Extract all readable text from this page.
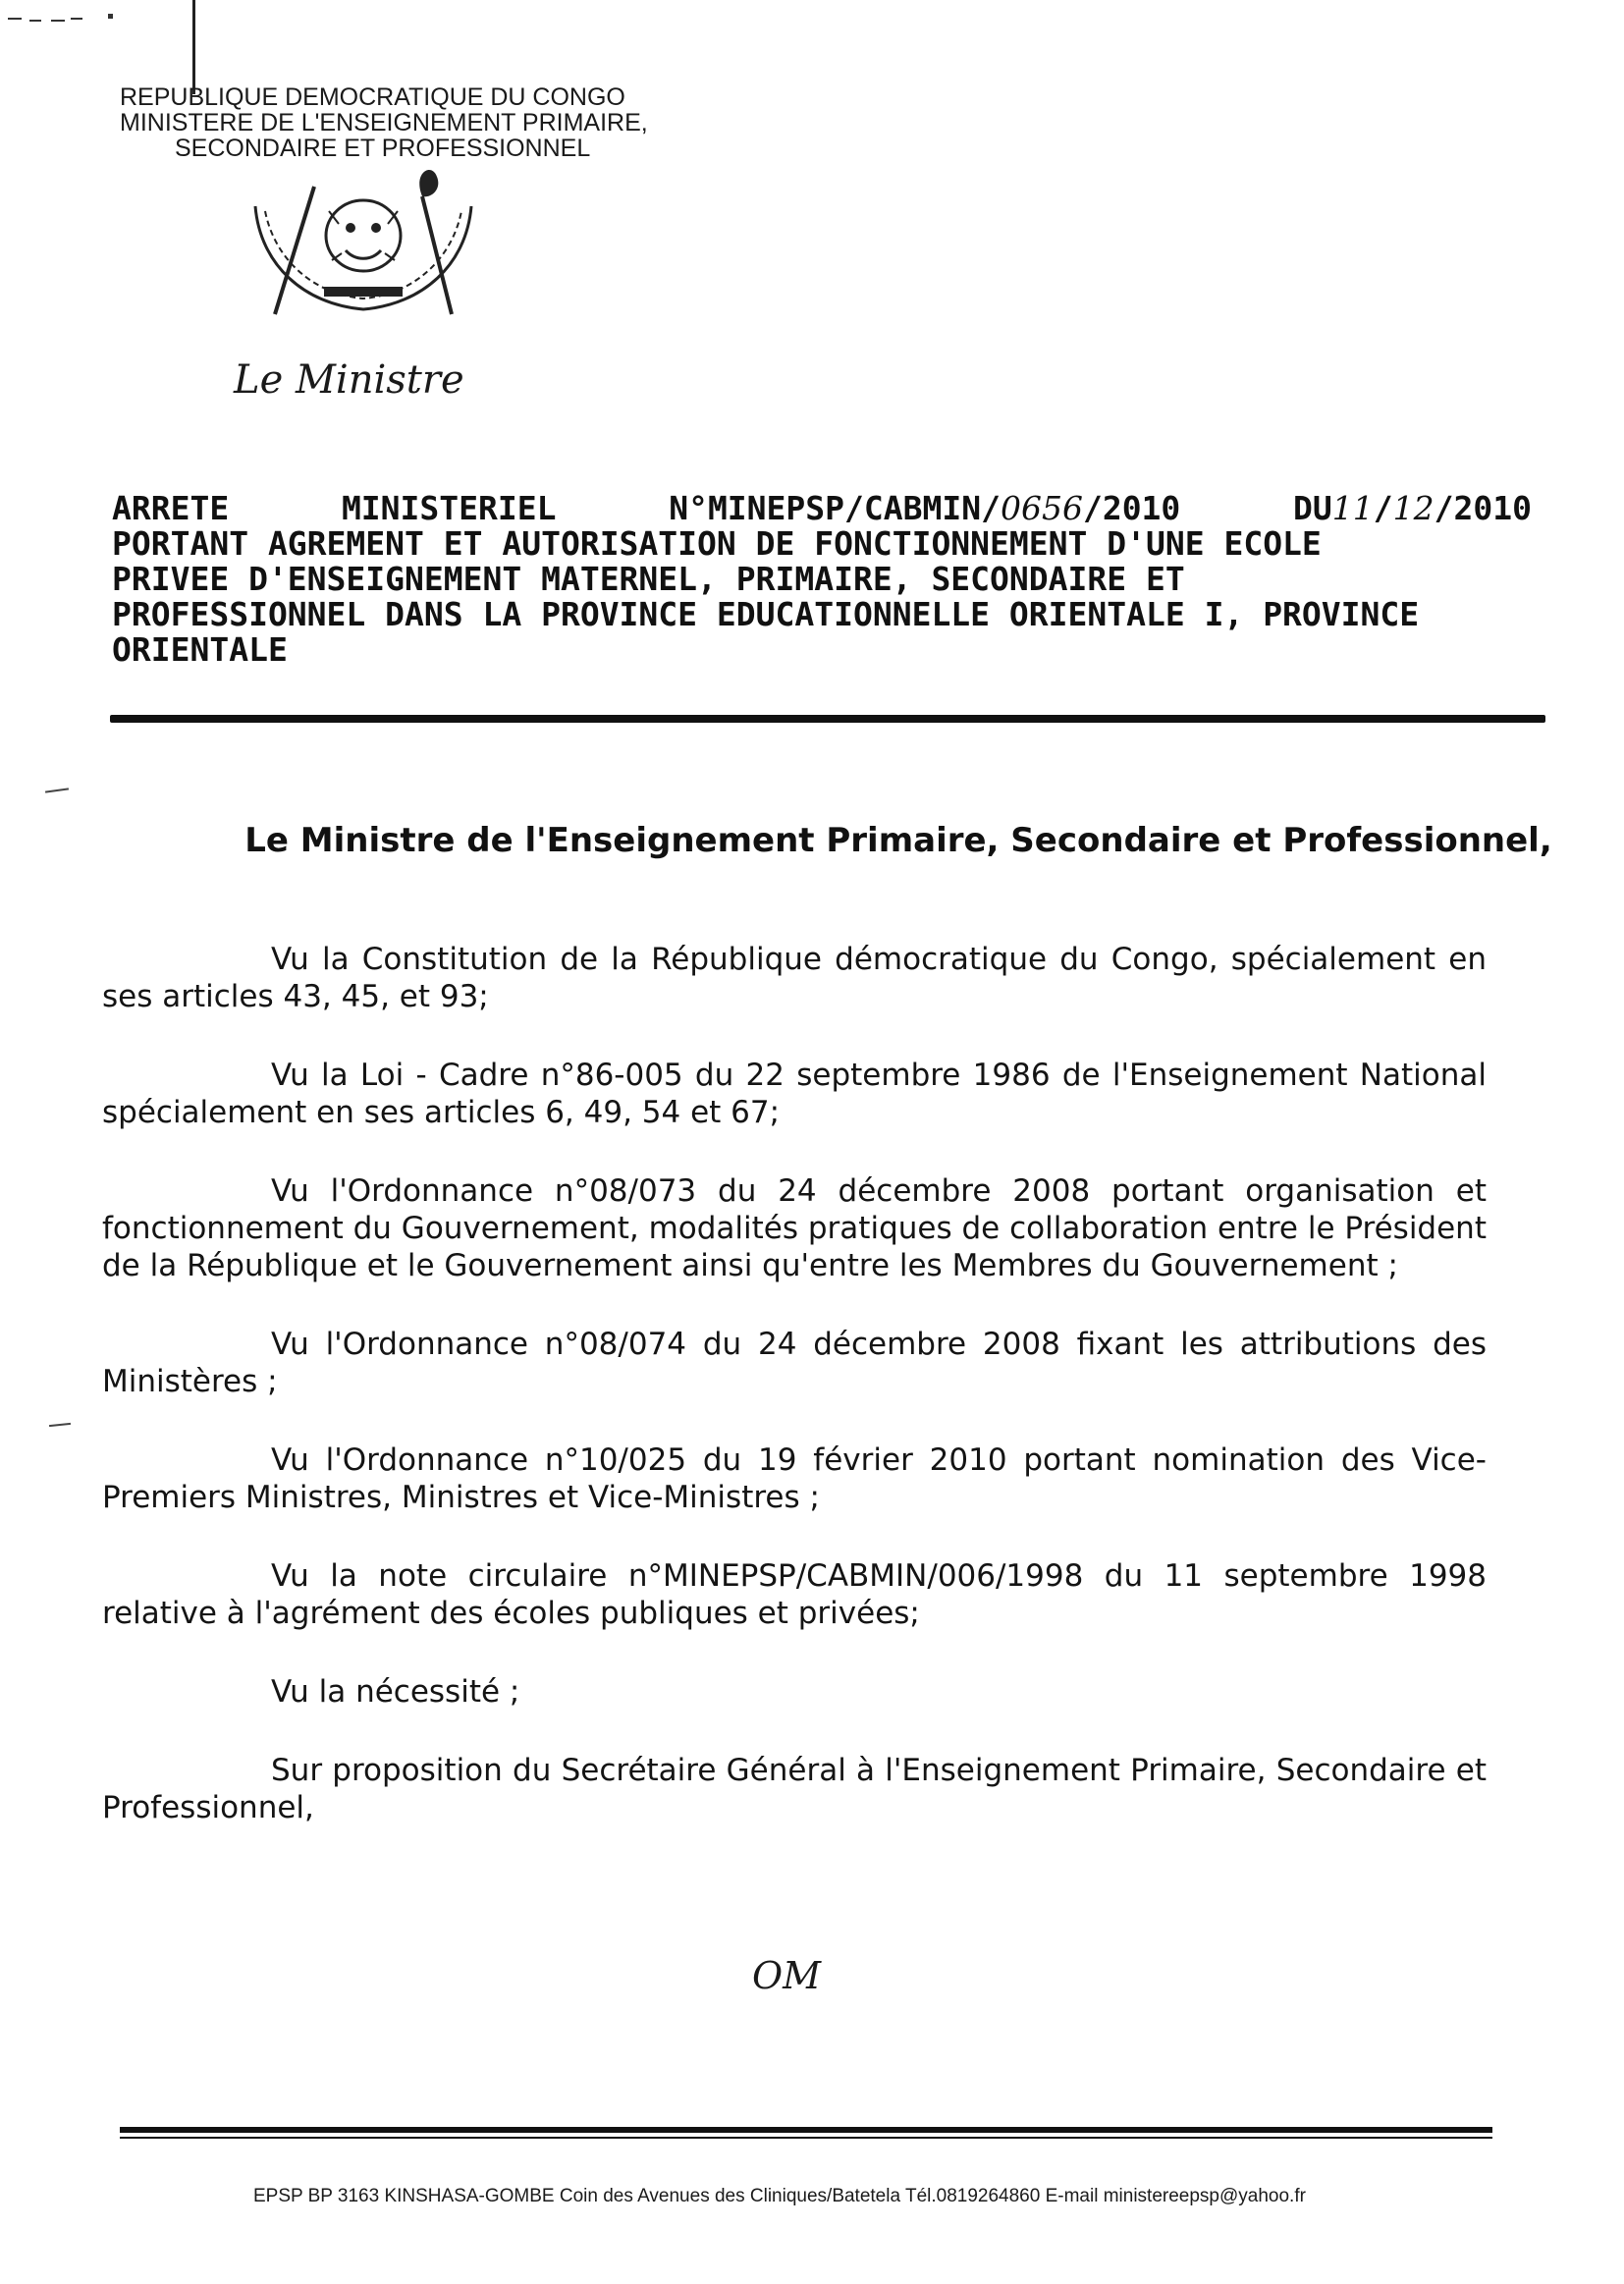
REPUBLIQUE DEMOCRATIQUE DU CONGO
MINISTERE DE L'ENSEIGNEMENT PRIMAIRE,
SECONDAIRE ET PROFESSIONNEL
Le Ministre
ARRETE	MINISTERIEL	N°MINEPSP/CABMIN/0656/2010	DU11/12/2010
PORTANT AGREMENT ET AUTORISATION DE FONCTIONNEMENT D'UNE ECOLE
PRIVEE D'ENSEIGNEMENT MATERNEL, PRIMAIRE, SECONDAIRE ET
PROFESSIONNEL DANS LA PROVINCE EDUCATIONNELLE ORIENTALE I, PROVINCE
ORIENTALE
Le Ministre de l'Enseignement Primaire, Secondaire et Professionnel,

Vu la Constitution de la République démocratique du Congo, spécialement en ses articles 43, 45, et 93;

Vu la Loi - Cadre n°86-005 du 22 septembre 1986 de l'Enseignement National spécialement en ses articles 6, 49, 54 et 67;

Vu l'Ordonnance n°08/073 du 24 décembre 2008 portant organisation et fonctionnement du Gouvernement, modalités pratiques de collaboration entre le Président de la République et le Gouvernement ainsi qu'entre les Membres du Gouvernement ;

Vu l'Ordonnance n°08/074 du 24 décembre 2008 fixant les attributions des Ministères ;

Vu l'Ordonnance n°10/025 du 19 février 2010 portant nomination des Vice-Premiers Ministres, Ministres et Vice-Ministres ;

Vu la note circulaire n°MINEPSP/CABMIN/006/1998 du 11 septembre 1998 relative à l'agrément des écoles publiques et privées;

Vu la nécessité ;

Sur proposition du Secrétaire Général à l'Enseignement Primaire, Secondaire et Professionnel,

OM
EPSP BP 3163 KINSHASA-GOMBE Coin des Avenues des Cliniques/Batetela Tél.0819264860 E-mail ministereepsp@yahoo.fr
